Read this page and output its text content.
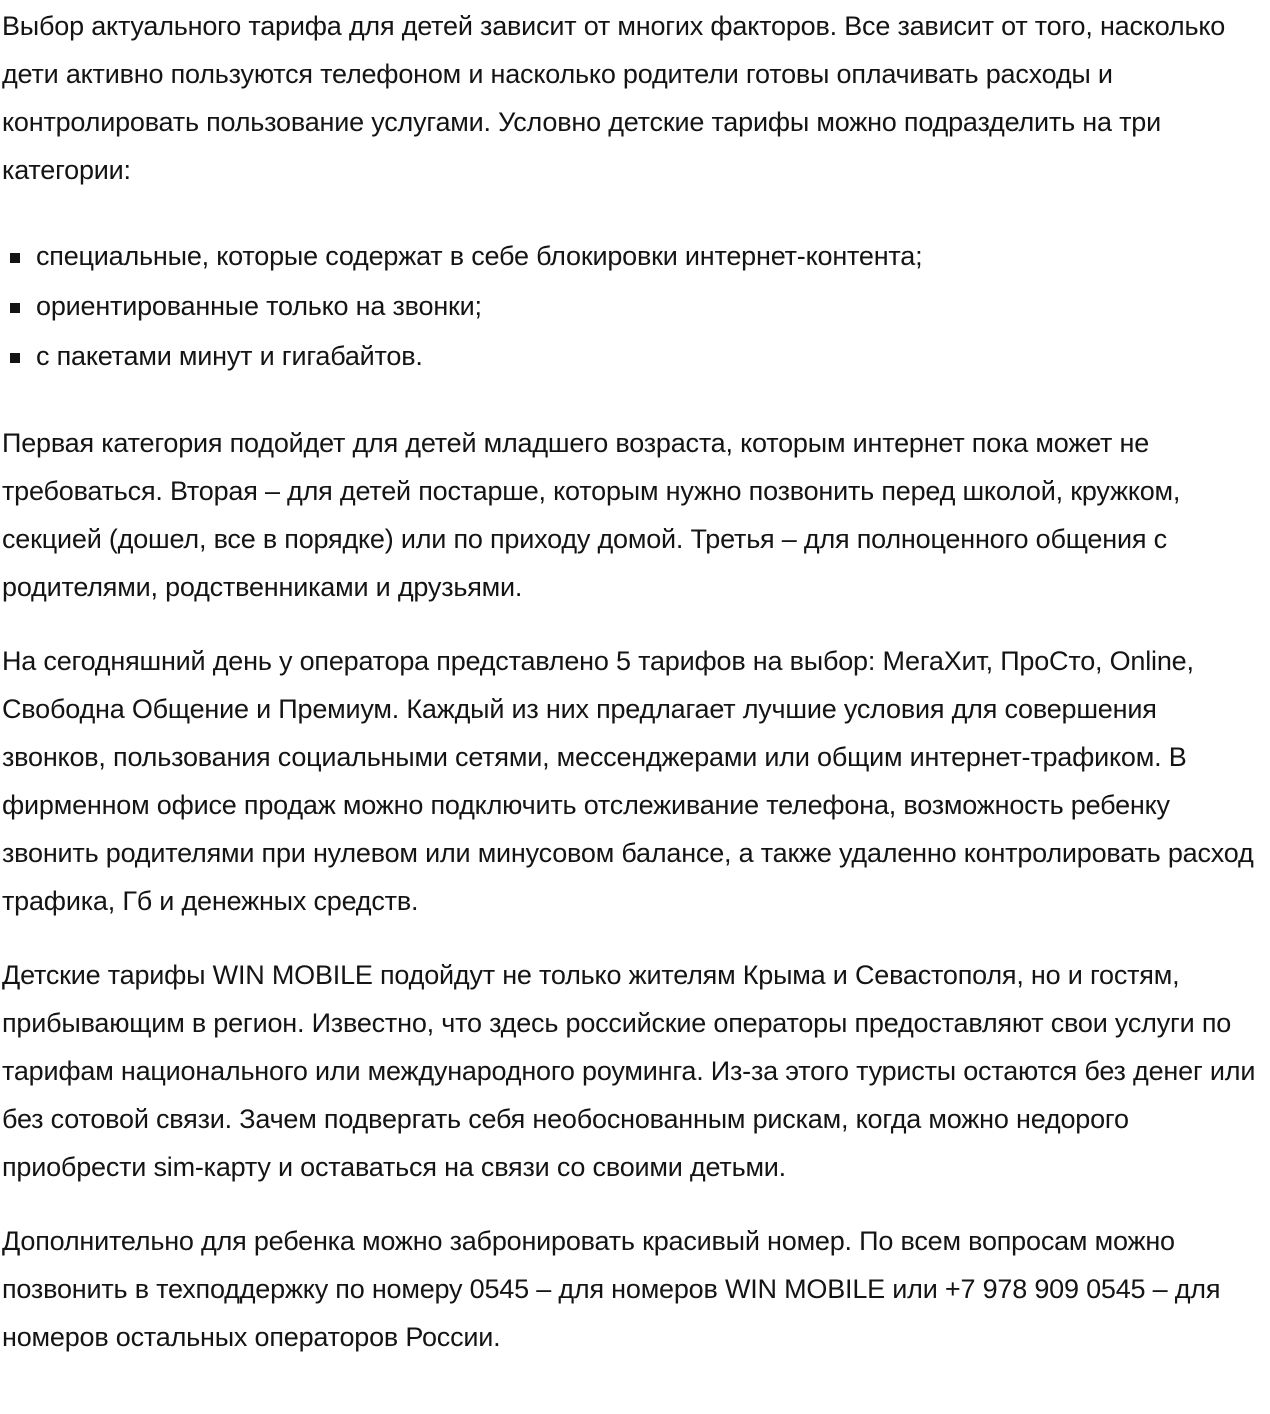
Выбор актуального тарифа для детей зависит от многих факторов. Все зависит от того, насколько дети активно пользуются телефоном и насколько родители готовы оплачивать расходы и контролировать пользование услугами. Условно детские тарифы можно подразделить на три категории:

специальные, которые содержат в себе блокировки интернет-контента;
ориентированные только на звонки;
с пакетами минут и гигабайтов.

Первая категория подойдет для детей младшего возраста, которым интернет пока может не требоваться. Вторая – для детей постарше, которым нужно позвонить перед школой, кружком, секцией (дошел, все в порядке) или по приходу домой. Третья – для полноценного общения с родителями, родственниками и друзьями.

На сегодняшний день у оператора представлено 5 тарифов на выбор: МегаХит, ПроСто, Online, Свободна Общение и Премиум. Каждый из них предлагает лучшие условия для совершения звонков, пользования социальными сетями, мессенджерами или общим интернет-трафиком. В фирменном офисе продаж можно подключить отслеживание телефона, возможность ребенку звонить родителями при нулевом или минусовом балансе, а также удаленно контролировать расход трафика, Гб и денежных средств.

Детские тарифы WIN MOBILE подойдут не только жителям Крыма и Севастополя, но и гостям, прибывающим в регион. Известно, что здесь российские операторы предоставляют свои услуги по тарифам национального или международного роуминга. Из-за этого туристы остаются без денег или без сотовой связи. Зачем подвергать себя необоснованным рискам, когда можно недорого приобрести sim-карту и оставаться на связи со своими детьми.

Дополнительно для ребенка можно забронировать красивый номер. По всем вопросам можно позвонить в техподдержку по номеру 0545 – для номеров WIN MOBILE или +7 978 909 0545 – для номеров остальных операторов России.
